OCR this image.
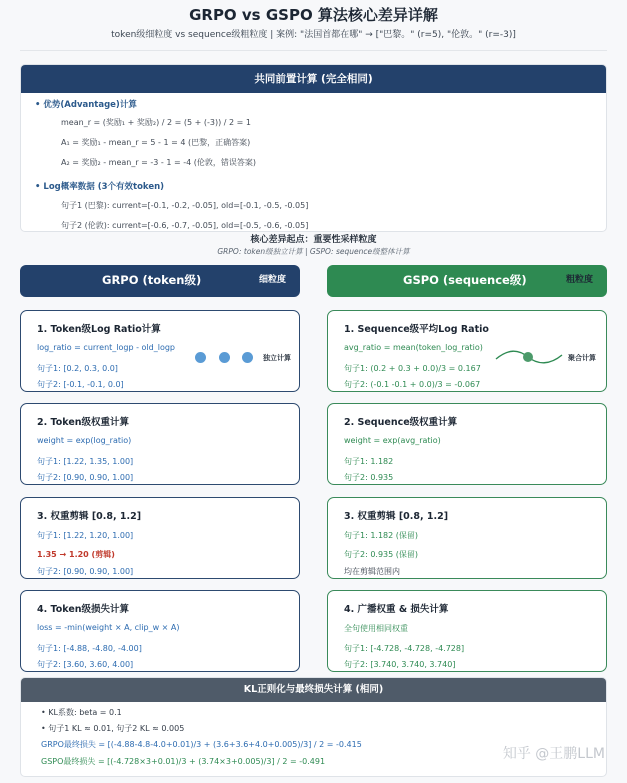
GRPO vs GSPO 算法核心差异详解
token级细粒度 vs sequence级粗粒度 | 案例: "法国首都在哪" → ["巴黎。" (r=5), "伦敦。" (r=-3)]
共同前置计算 (完全相同)
• 优势(Advantage)计算
mean_r = (奖励₁ + 奖励₂) / 2 = (5 + (-3)) / 2 = 1
A₁ = 奖励₁ - mean_r = 5 - 1 = 4 (巴黎，正确答案)
A₂ = 奖励₂ - mean_r = -3 - 1 = -4 (伦敦，错误答案)
• Log概率数据 (3个有效token)
句子1 (巴黎): current=[-0.1, -0.2, -0.05], old=[-0.1, -0.5, -0.05]
句子2 (伦敦): current=[-0.6, -0.7, -0.05], old=[-0.5, -0.6, -0.05]
核心差异起点：重要性采样粒度
GRPO: token级独立计算 | GSPO: sequence级整体计算
GRPO (token级)	细粒度	GSPO (sequence级)	粗粒度
1. Token级Log Ratio计算
log_ratio = current_logp - old_logp
句子1: [0.2, 0.3, 0.0]
句子2: [-0.1, -0.1, 0.0]
独立计算
2. Token级权重计算
weight = exp(log_ratio)
句子1: [1.22, 1.35, 1.00]
句子2: [0.90, 0.90, 1.00]
3. 权重剪辑 [0.8, 1.2]
句子1: [1.22, 1.20, 1.00]
1.35 → 1.20 (剪辑)
句子2: [0.90, 0.90, 1.00]
4. Token级损失计算
loss = -min(weight × A, clip_w × A)
句子1: [-4.88, -4.80, -4.00]
句子2: [3.60, 3.60, 4.00]
1. Sequence级平均Log Ratio
avg_ratio = mean(token_log_ratio)
句子1: (0.2 + 0.3 + 0.0)/3 = 0.167
句子2: (-0.1 -0.1 + 0.0)/3 = -0.067
聚合计算
2. Sequence级权重计算
weight = exp(avg_ratio)
句子1: 1.182
句子2: 0.935
3. 权重剪辑 [0.8, 1.2]
句子1: 1.182 (保留)
句子2: 0.935 (保留)
均在剪辑范围内
4. 广播权重 & 损失计算
全句使用相同权重
句子1: [-4.728, -4.728, -4.728]
句子2: [3.740, 3.740, 3.740]
KL正则化与最终损失计算 (相同)
• KL系数: beta = 0.1
• 句子1 KL ≈ 0.01, 句子2 KL ≈ 0.005
GRPO最终损失 = [(-4.88-4.8-4.0+0.01)/3 + (3.6+3.6+4.0+0.005)/3] / 2 = -0.415
GSPO最终损失 = [(-4.728×3+0.01)/3 + (3.74×3+0.005)/3] / 2 = -0.491	知乎 @王鹏LLM
